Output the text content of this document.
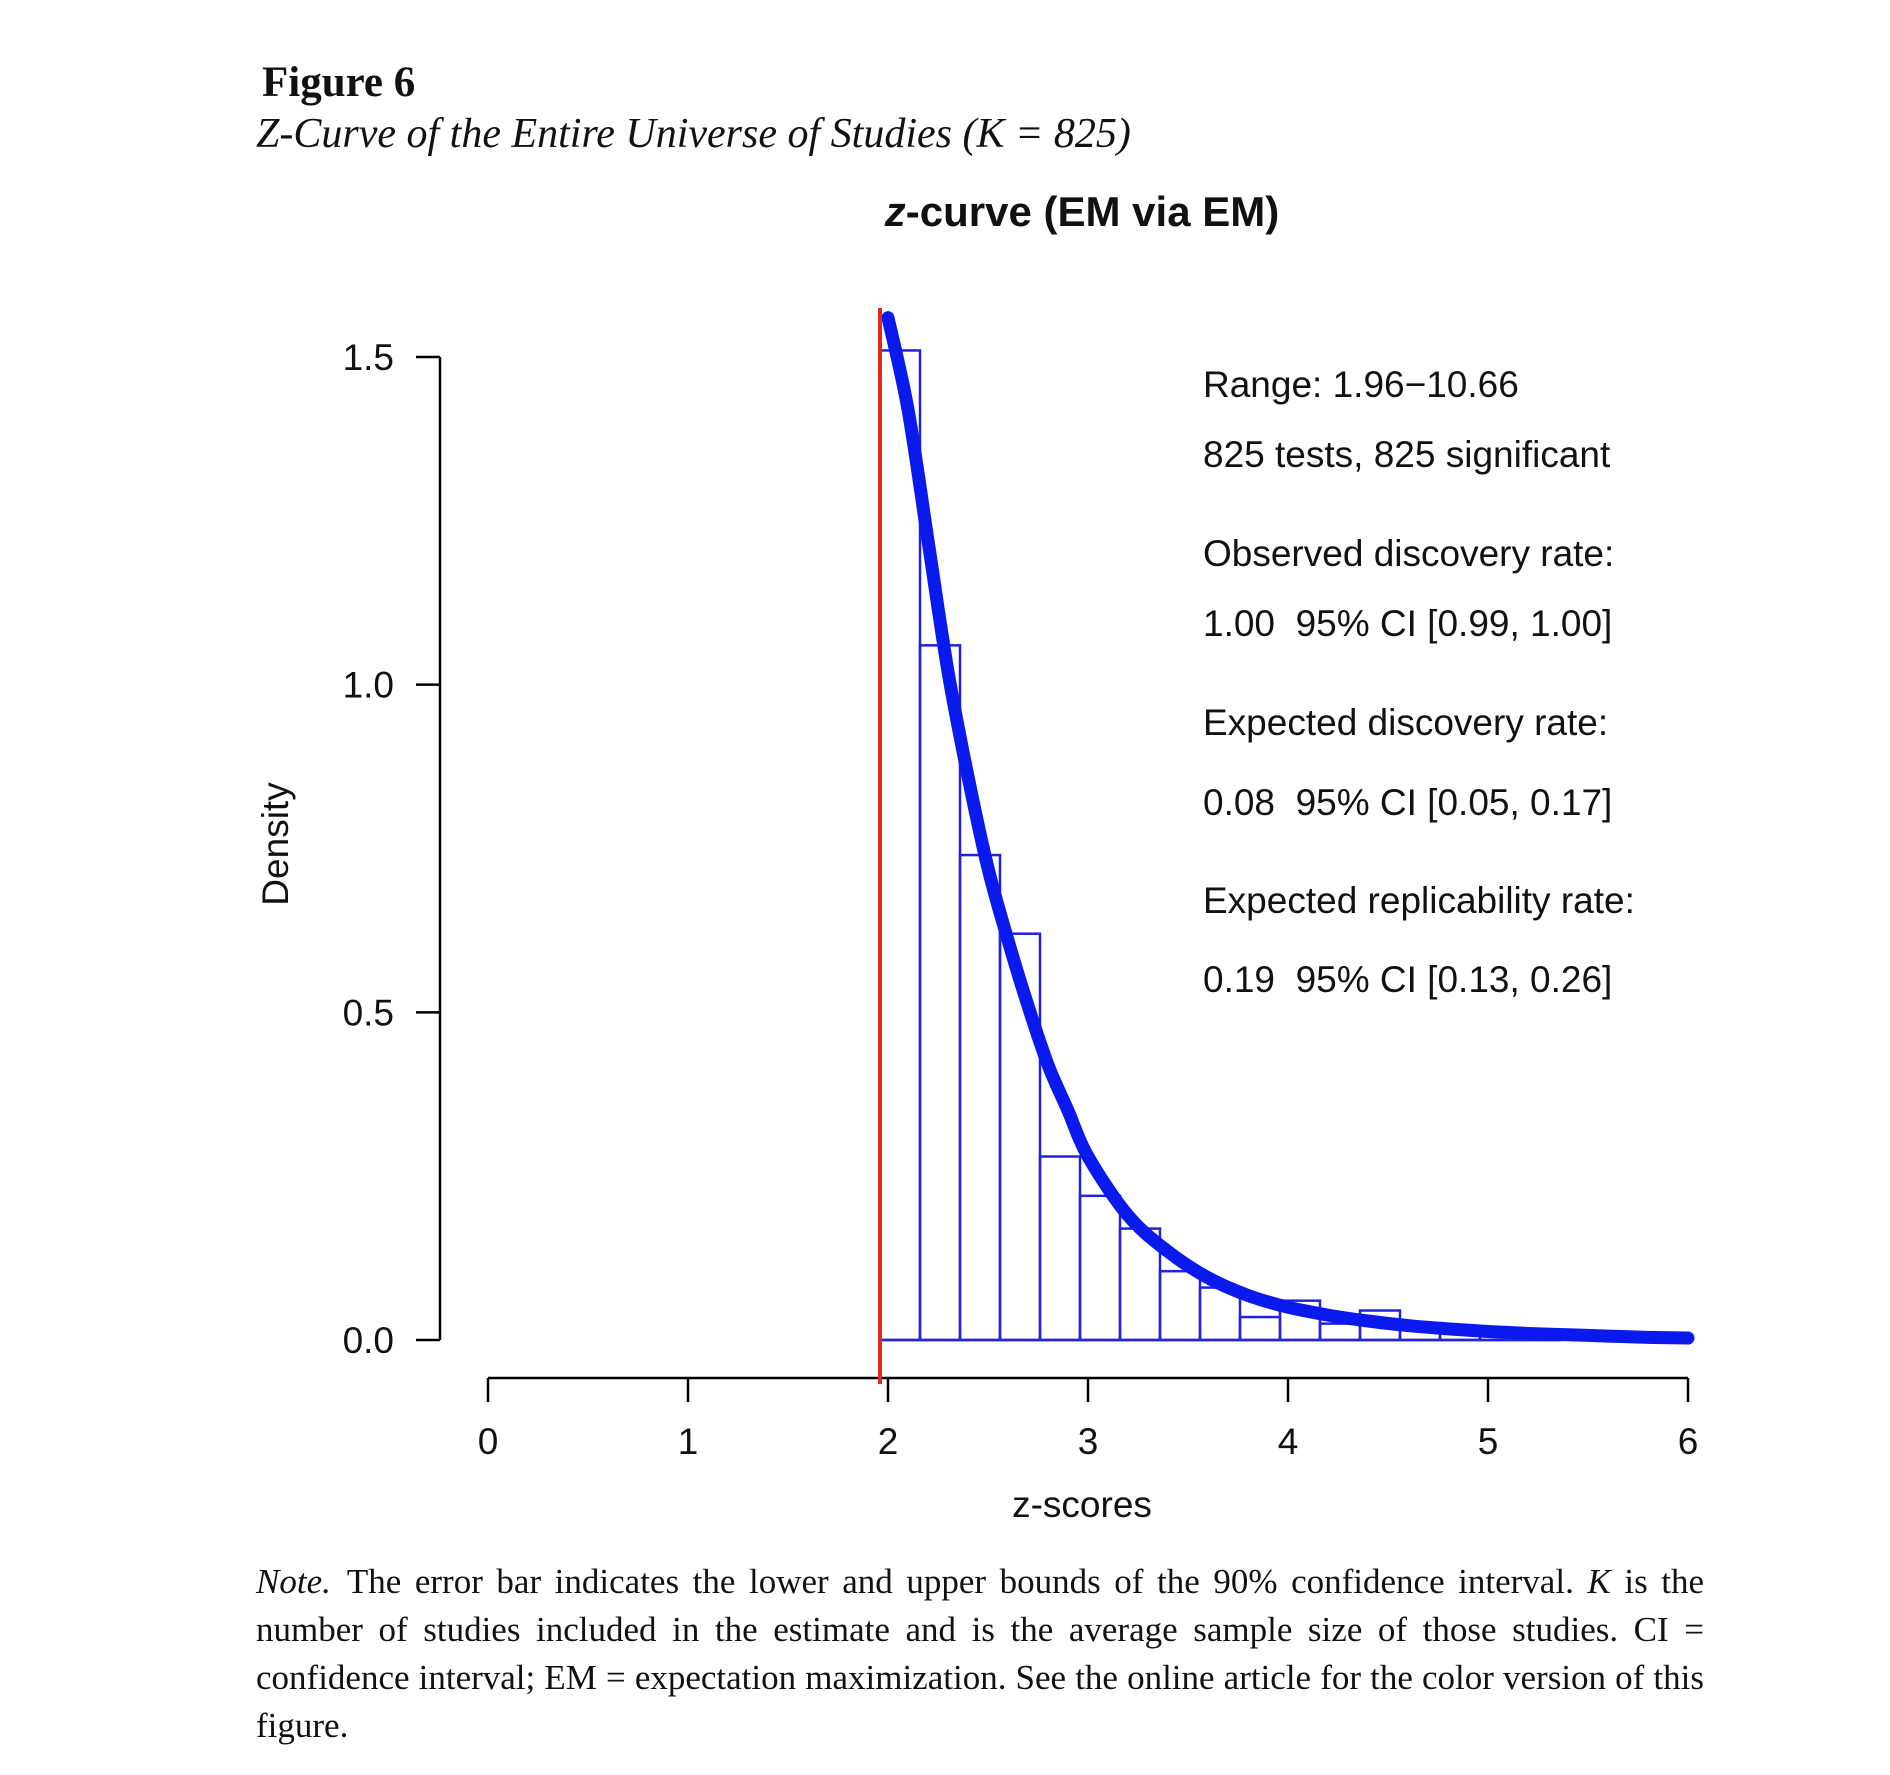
Figure 6
Z-Curve of the Entire Universe of Studies (K = 825)
z-curve (EM via EM)
0.0
0.5
1.0
1.5
0	1	2	3	4	5	6
Density
z-scores
Range: 1.96−10.66
825 tests, 825 significant
Observed discovery rate:
1.00  95% CI [0.99, 1.00]
Expected discovery rate:
0.08  95% CI [0.05, 0.17]
Expected replicability rate:
0.19  95% CI [0.13, 0.26]
Note. The error bar indicates the lower and upper bounds of the 90% confidence interval. K is the number of studies included in the estimate and is the average sample size of those studies. CI = confidence interval; EM = expectation maximization. See the online article for the color version of this figure.
